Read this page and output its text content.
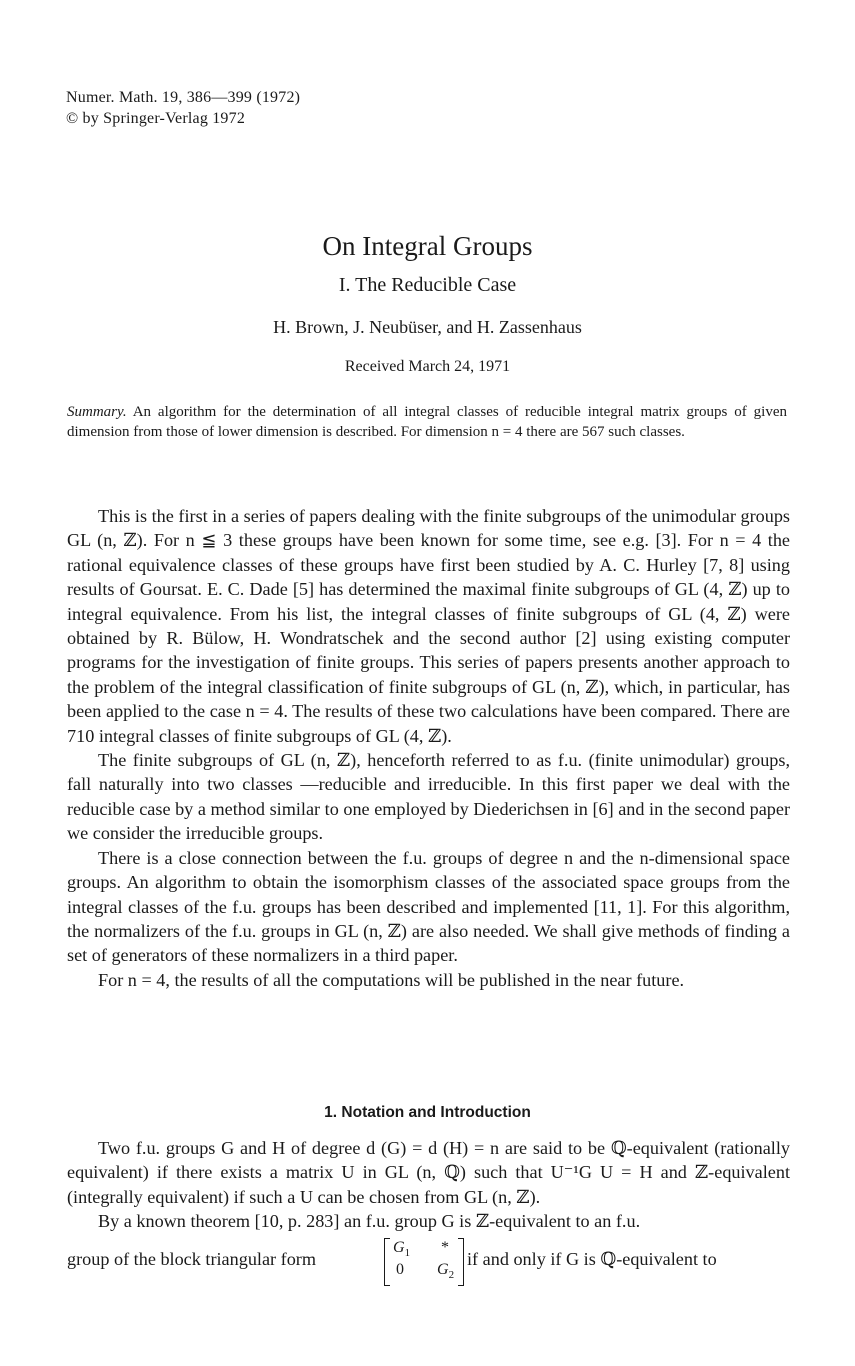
Numer. Math. 19, 386—399 (1972)
© by Springer-Verlag 1972
On Integral Groups
I. The Reducible Case
H. Brown, J. Neubüser, and H. Zassenhaus
Received March 24, 1971
Summary. An algorithm for the determination of all integral classes of reducible integral matrix groups of given dimension from those of lower dimension is described. For dimension n = 4 there are 567 such classes.

This is the first in a series of papers dealing with the finite subgroups of the unimodular groups GL (n, ℤ). For n ≦ 3 these groups have been known for some time, see e.g. [3]. For n = 4 the rational equivalence classes of these groups have first been studied by A. C. Hurley [7, 8] using results of Goursat. E. C. Dade [5] has determined the maximal finite subgroups of GL (4, ℤ) up to integral equivalence. From his list, the integral classes of finite subgroups of GL (4, ℤ) were obtained by R. Bülow, H. Wondratschek and the second author [2] using existing computer programs for the investigation of finite groups. This series of papers presents another approach to the problem of the integral classification of finite subgroups of GL (n, ℤ), which, in particular, has been applied to the case n = 4. The results of these two calculations have been compared. There are 710 integral classes of finite subgroups of GL (4, ℤ).

The finite subgroups of GL (n, ℤ), henceforth referred to as f.u. (finite unimodular) groups, fall naturally into two classes —reducible and irreducible. In this first paper we deal with the reducible case by a method similar to one employed by Diederichsen in [6] and in the second paper we consider the irreducible groups.

There is a close connection between the f.u. groups of degree n and the n-dimensional space groups. An algorithm to obtain the isomorphism classes of the associated space groups from the integral classes of the f.u. groups has been described and implemented [11, 1]. For this algorithm, the normalizers of the f.u. groups in GL (n, ℤ) are also needed. We shall give methods of finding a set of generators of these normalizers in a third paper.

For n = 4, the results of all the computations will be published in the near future.

1. Notation and Introduction

Two f.u. groups G and H of degree d (G) = d (H) = n are said to be ℚ-equivalent (rationally equivalent) if there exists a matrix U in GL (n, ℚ) such that U⁻¹G U = H and ℤ-equivalent (integrally equivalent) if such a U can be chosen from GL (n, ℤ).

By a known theorem [10, p. 283] an f.u. group G is ℤ-equivalent to an f.u.

group of the block triangular form
$G_1$ *
0 $G_2$
if and only if G is ℚ-equivalent to
